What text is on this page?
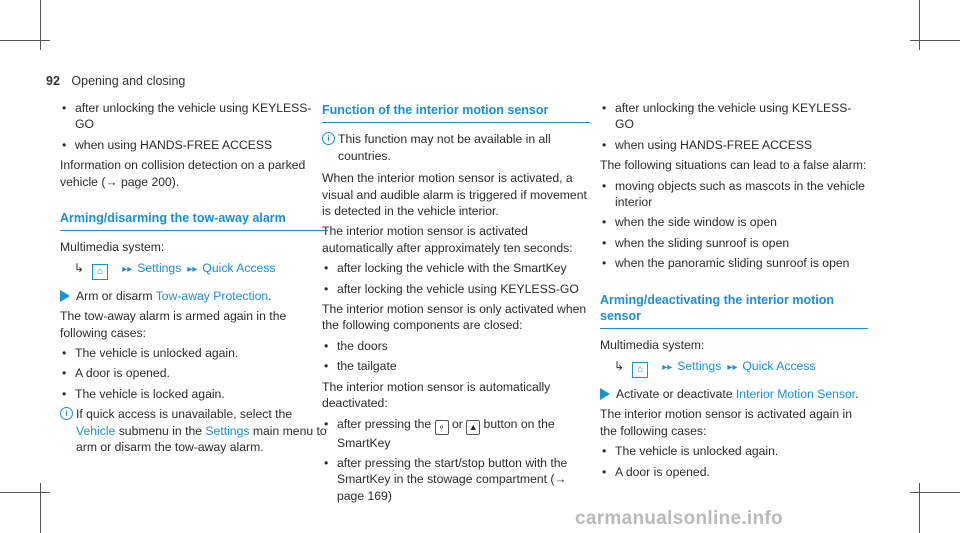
92 Opening and closing
• after unlocking the vehicle using KEYLESS-GO
• when using HANDS-FREE ACCESS

Information on collision detection on a parked vehicle (→ page 200).

Arming/disarming the tow-away alarm

Multimedia system:

↳ ⌂ ▸▸ Settings ▸▸ Quick Access
Arm or disarm Tow-away Protection.

The tow-away alarm is armed again in the following cases:

• The vehicle is unlocked again.
• A door is opened.
• The vehicle is locked again.
i If quick access is unavailable, select the Vehicle submenu in the Settings main menu to arm or disarm the tow-away alarm.
Function of the interior motion sensor
i This function may not be available in all countries.

When the interior motion sensor is activated, a visual and audible alarm is triggered if movement is detected in the vehicle interior.

The interior motion sensor is activated automatically after approximately ten seconds:

• after locking the vehicle with the SmartKey
• after locking the vehicle using KEYLESS-GO

The interior motion sensor is only activated when the following components are closed:

• the doors
• the tailgate

The interior motion sensor is automatically deactivated:

• after pressing the ⚬ or ▲ button on the SmartKey
• after pressing the start/stop button with the SmartKey in the stowage compartment (→ page 169)
• after unlocking the vehicle using KEYLESS-GO
• when using HANDS-FREE ACCESS

The following situations can lead to a false alarm:

• moving objects such as mascots in the vehicle interior
• when the side window is open
• when the sliding sunroof is open
• when the panoramic sliding sunroof is open
Arming/deactivating the interior motion sensor

Multimedia system:

↳ ⌂ ▸▸ Settings ▸▸ Quick Access
Activate or deactivate Interior Motion Sensor.

The interior motion sensor is activated again in the following cases:

• The vehicle is unlocked again.
• A door is opened.
carmanualsonline.info
